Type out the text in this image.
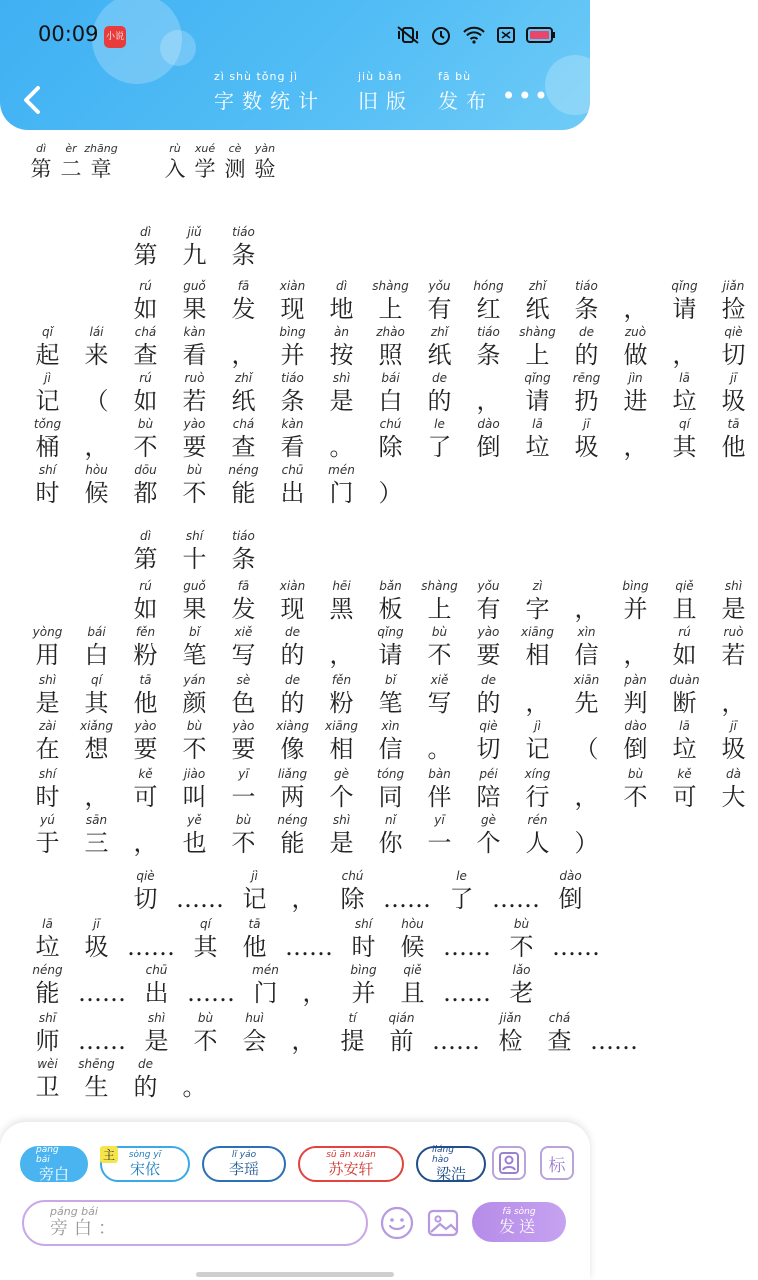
00:09 小说
zì shù tǒng jì
字数统计
jiù bǎn
旧版
fā bù
发布 •••
dì
第
èr
二
zhāng
章
rù
入
xué
学
cè
测
yàn
验
dì
第
jiǔ
九
tiáo
条
rú
如
guǒ
果
fā
发
xiàn
现
dì
地
shàng
上
yǒu
有
hóng
红
zhǐ
纸
tiáo
条 ，
qǐng
请
jiǎn
捡
qǐ
起
lái
来
chá
查
kàn
看 ，
bìng
并
àn
按
zhào
照
zhǐ
纸
tiáo
条
shàng
上
de
的
zuò
做 ，
qiè
切
jì
记 （
rú
如
ruò
若
zhǐ
纸
tiáo
条
shì
是
bái
白
de
的 ，
qǐng
请
rēng
扔
jìn
进
lā
垃
jī
圾
tǒng
桶 ，
bù
不
yào
要
chá
查
kàn
看 。
chú
除
le
了
dào
倒
lā
垃
jī
圾 ，
qí
其
tā
他
shí
时
hòu
候
dōu
都
bù
不
néng
能
chū
出
mén
门 ）
dì
第
shí
十
tiáo
条
rú
如
guǒ
果
fā
发
xiàn
现
hēi
黑
bǎn
板
shàng
上
yǒu
有
zì
字 ，
bìng
并
qiě
且
shì
是
yòng
用
bái
白
fěn
粉
bǐ
笔
xiě
写
de
的 ，
qǐng
请
bù
不
yào
要
xiāng
相
xìn
信 ，
rú
如
ruò
若
shì
是
qí
其
tā
他
yán
颜
sè
色
de
的
fěn
粉
bǐ
笔
xiě
写
de
的 ，
xiān
先
pàn
判
duàn
断 ，
zài
在
xiǎng
想
yào
要
bù
不
yào
要
xiàng
像
xiāng
相
xìn
信 。
qiè
切
jì
记 （
dào
倒
lā
垃
jī
圾
shí
时 ，
kě
可
jiào
叫
yī
一
liǎng
两
gè
个
tóng
同
bàn
伴
péi
陪
xíng
行 ，
bù
不
kě
可
dà
大
yú
于
sān
三 ，
yě
也
bù
不
néng
能
shì
是
nǐ
你
yī
一
gè
个
rén
人 ）
qiè
切 ……
jì
记 ，
chú
除 ……
le
了 ……
dào
倒
lā
垃
jī
圾 ……
qí
其
tā
他 ……
shí
时
hòu
候 ……
bù
不 ……
néng
能 ……
chū
出 ……
mén
门 ，
bìng
并
qiě
且 ……
lǎo
老
shī
师 ……
shì
是
bù
不
huì
会 ，
tí
提
qián
前 ……
jiǎn
检
chá
查 ……
wèi
卫
shēng
生
de
的 。
páng bái
旁白
主	sòng yī
宋依
lǐ yáo
李瑶
sū ān xuān
苏安轩
liáng hào
梁浩	标
páng bái
旁白：
fā sòng
发送
